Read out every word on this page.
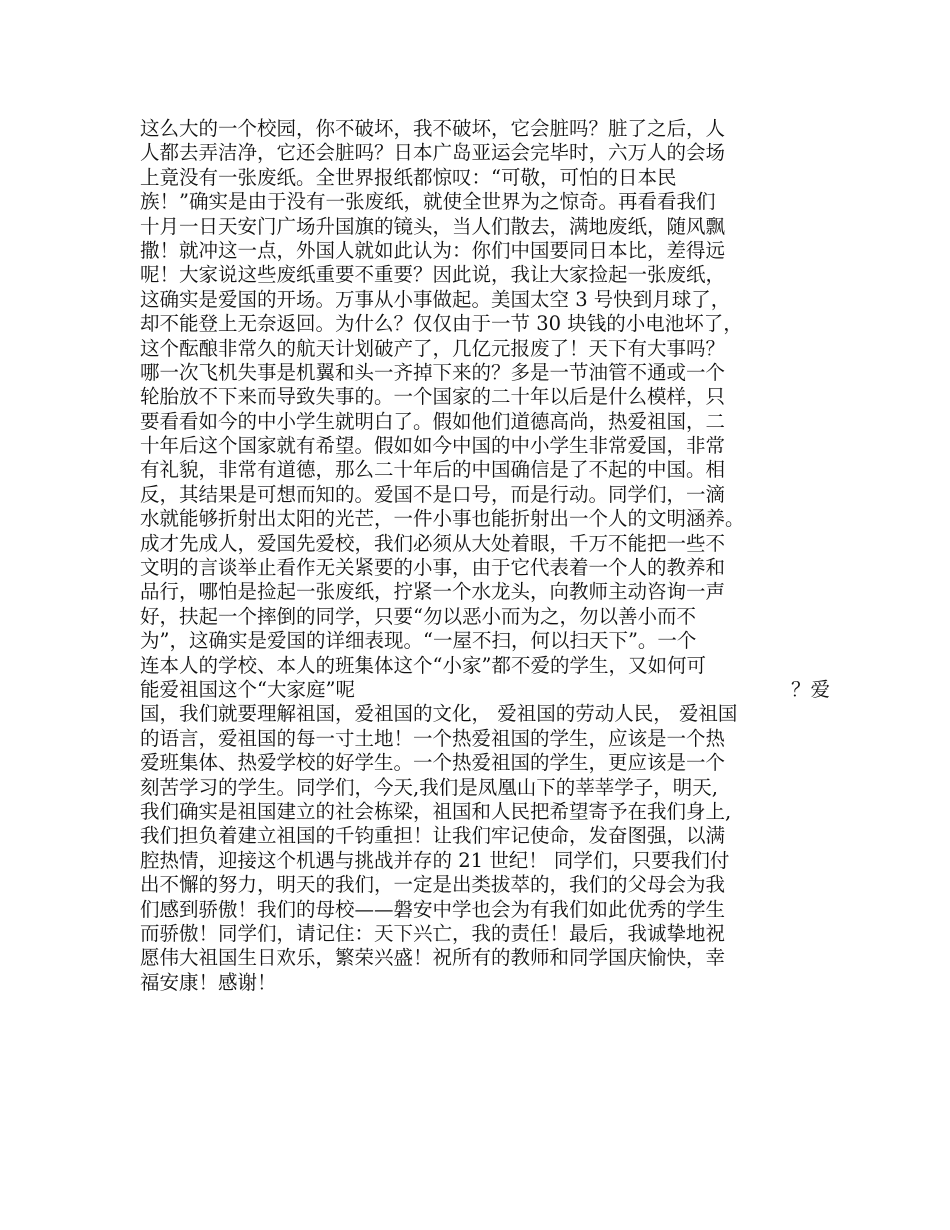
这么大的一个校园，你不破坏，我不破坏，它会脏吗？脏了之后，人
人都去弄洁净，它还会脏吗？日本广岛亚运会完毕时，六万人的会场
上竟没有一张废纸。全世界报纸都惊叹：“可敬，可怕的日本民
族！”确实是由于没有一张废纸，就使全世界为之惊奇。再看看我们
十月一日天安门广场升国旗的镜头，当人们散去，满地废纸，随风飘
撒！就冲这一点，外国人就如此认为：你们中国要同日本比，差得远
呢！大家说这些废纸重要不重要？因此说，我让大家捡起一张废纸，
这确实是爱国的开场。万事从小事做起。美国太空 3 号快到月球了，
却不能登上无奈返回。为什么？仅仅由于一节 30 块钱的小电池坏了，
这个酝酿非常久的航天计划破产了，几亿元报废了！天下有大事吗？
哪一次飞机失事是机翼和头一齐掉下来的？多是一节油管不通或一个
轮胎放不下来而导致失事的。一个国家的二十年以后是什么模样，只
要看看如今的中小学生就明白了。假如他们道德高尚，热爱祖国，二
十年后这个国家就有希望。假如如今中国的中小学生非常爱国，非常
有礼貌，非常有道德，那么二十年后的中国确信是了不起的中国。相
反，其结果是可想而知的。爱国不是口号，而是行动。同学们，一滴
水就能够折射出太阳的光芒，一件小事也能折射出一个人的文明涵养。
成才先成人，爱国先爱校，我们必须从大处着眼，千万不能把一些不
文明的言谈举止看作无关紧要的小事，由于它代表着一个人的教养和
品行，哪怕是捡起一张废纸，拧紧一个水龙头，向教师主动咨询一声
好，扶起一个摔倒的同学，只要“勿以恶小而为之，勿以善小而不
为”，这确实是爱国的详细表现。“一屋不扫，何以扫天下”。一个
连本人的学校、本人的班集体这个“小家”都不爱的学生，又如何可
能爱祖国这个“大家庭”呢	？爱
国，我们就要理解祖国，爱祖国的文化， 爱祖国的劳动人民， 爱祖国
的语言，爱祖国的每一寸土地！一个热爱祖国的学生，应该是一个热
爱班集体、热爱学校的好学生。一个热爱祖国的学生，更应该是一个
刻苦学习的学生。同学们，今天,我们是凤凰山下的莘莘学子，明天,
我们确实是祖国建立的社会栋梁，祖国和人民把希望寄予在我们身上,
我们担负着建立祖国的千钧重担！让我们牢记使命，发奋图强，以满
腔热情，迎接这个机遇与挑战并存的 21 世纪！ 同学们，只要我们付
出不懈的努力，明天的我们，一定是出类拔萃的，我们的父母会为我
们感到骄傲！我们的母校——磐安中学也会为有我们如此优秀的学生
而骄傲！同学们，请记住：天下兴亡，我的责任！最后，我诚挚地祝
愿伟大祖国生日欢乐，繁荣兴盛！祝所有的教师和同学国庆愉快，幸
福安康！感谢！
